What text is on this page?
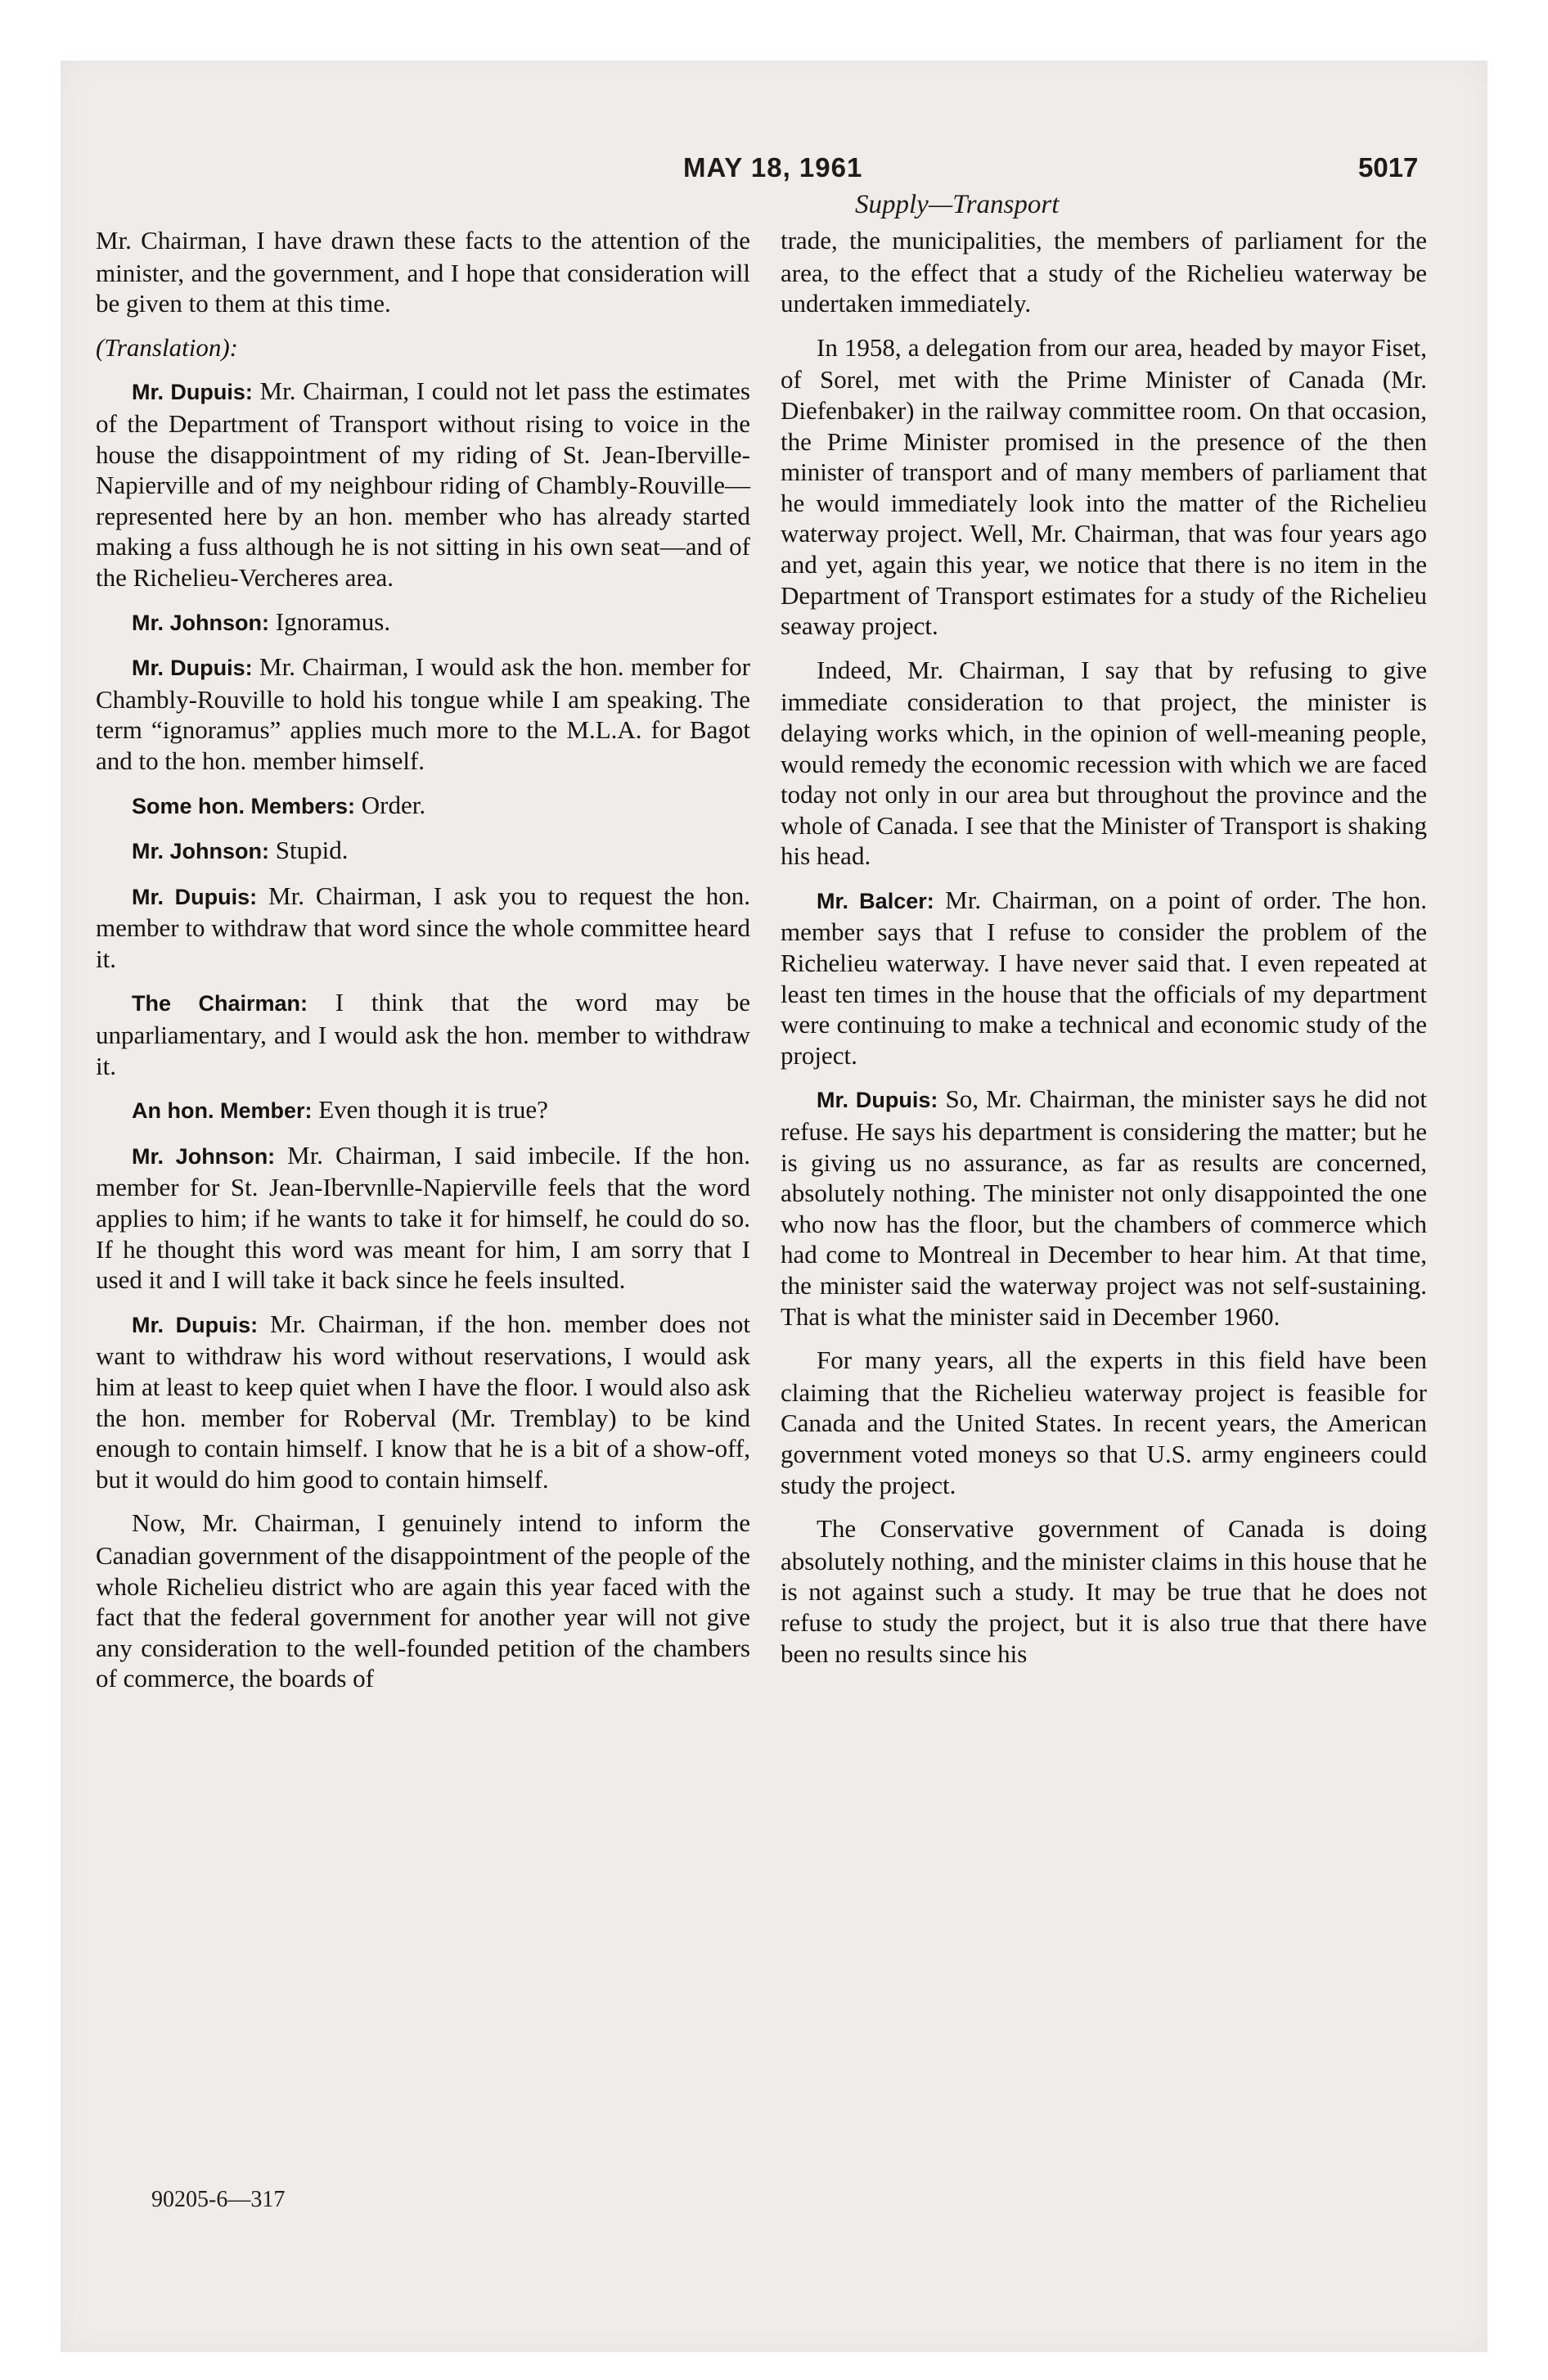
MAY 18, 1961	5017
Supply—Transport

Mr. Chairman, I have drawn these facts to the attention of the minister, and the government, and I hope that consideration will be given to them at this time.

(Translation):

Mr. Dupuis: Mr. Chairman, I could not let pass the estimates of the Department of Transport without rising to voice in the house the disappointment of my riding of St. Jean-Iberville-Napierville and of my neighbour riding of Chambly-Rouville—represented here by an hon. member who has already started making a fuss although he is not sitting in his own seat—and of the Richelieu-Vercheres area.

Mr. Johnson: Ignoramus.

Mr. Dupuis: Mr. Chairman, I would ask the hon. member for Chambly-Rouville to hold his tongue while I am speaking. The term “ignoramus” applies much more to the M.L.A. for Bagot and to the hon. member himself.

Some hon. Members: Order.

Mr. Johnson: Stupid.

Mr. Dupuis: Mr. Chairman, I ask you to request the hon. member to withdraw that word since the whole committee heard it.

The Chairman: I think that the word may be unparliamentary, and I would ask the hon. member to withdraw it.

An hon. Member: Even though it is true?

Mr. Johnson: Mr. Chairman, I said imbecile. If the hon. member for St. Jean-Ibervnlle-Napierville feels that the word applies to him; if he wants to take it for himself, he could do so. If he thought this word was meant for him, I am sorry that I used it and I will take it back since he feels insulted.

Mr. Dupuis: Mr. Chairman, if the hon. member does not want to withdraw his word without reservations, I would ask him at least to keep quiet when I have the floor. I would also ask the hon. member for Roberval (Mr. Tremblay) to be kind enough to contain himself. I know that he is a bit of a show-off, but it would do him good to contain himself.

Now, Mr. Chairman, I genuinely intend to inform the Canadian government of the disappointment of the people of the whole Richelieu district who are again this year faced with the fact that the federal government for another year will not give any consideration to the well-founded petition of the chambers of commerce, the boards of

trade, the municipalities, the members of parliament for the area, to the effect that a study of the Richelieu waterway be undertaken immediately.

In 1958, a delegation from our area, headed by mayor Fiset, of Sorel, met with the Prime Minister of Canada (Mr. Diefenbaker) in the railway committee room. On that occasion, the Prime Minister promised in the presence of the then minister of transport and of many members of parliament that he would immediately look into the matter of the Richelieu waterway project. Well, Mr. Chairman, that was four years ago and yet, again this year, we notice that there is no item in the Department of Transport estimates for a study of the Richelieu seaway project.

Indeed, Mr. Chairman, I say that by refusing to give immediate consideration to that project, the minister is delaying works which, in the opinion of well-meaning people, would remedy the economic recession with which we are faced today not only in our area but throughout the province and the whole of Canada. I see that the Minister of Transport is shaking his head.

Mr. Balcer: Mr. Chairman, on a point of order. The hon. member says that I refuse to consider the problem of the Richelieu waterway. I have never said that. I even repeated at least ten times in the house that the officials of my department were continuing to make a technical and economic study of the project.

Mr. Dupuis: So, Mr. Chairman, the minister says he did not refuse. He says his department is considering the matter; but he is giving us no assurance, as far as results are concerned, absolutely nothing. The minister not only disappointed the one who now has the floor, but the chambers of commerce which had come to Montreal in December to hear him. At that time, the minister said the waterway project was not self-sustaining. That is what the minister said in December 1960.

For many years, all the experts in this field have been claiming that the Richelieu waterway project is feasible for Canada and the United States. In recent years, the American government voted moneys so that U.S. army engineers could study the project.

The Conservative government of Canada is doing absolutely nothing, and the minister claims in this house that he is not against such a study. It may be true that he does not refuse to study the project, but it is also true that there have been no results since his

90205-6—317
